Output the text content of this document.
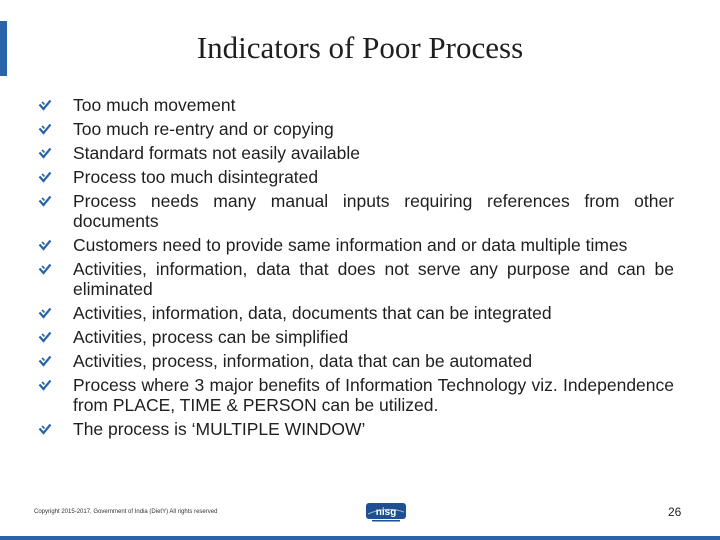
Indicators of Poor Process
Too much movement
Too much re-entry and or copying
Standard formats not easily available
Process too much disintegrated
Process needs many manual inputs requiring references from other documents
Customers need to provide same information and or data multiple times
Activities, information, data that does not serve any purpose and can be eliminated
Activities, information, data, documents that can be integrated
Activities, process can be simplified
Activities, process, information, data that can be automated
Process where 3 major benefits of Information Technology viz. Independence from PLACE, TIME & PERSON can be utilized.
The process is ‘MULTIPLE WINDOW’
Copyright 2015-2017, Government of India (DietY) All rights reserved	nisg	26
